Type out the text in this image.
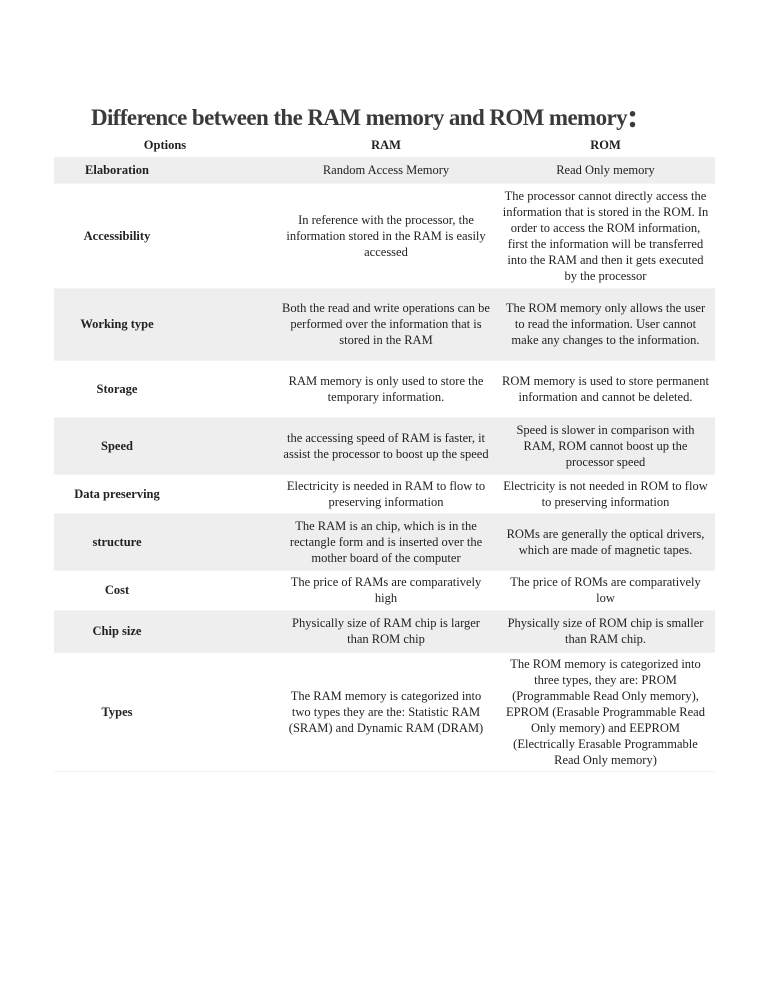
Difference between the RAM memory and ROM memory:
Options	RAM	ROM
Elaboration	Random Access Memory	Read Only memory
Accessibility	In reference with the processor, the information stored in the RAM is easily accessed	The processor cannot directly access the information that is stored in the ROM. In order to access the ROM information, first the information will be transferred into the RAM and then it gets executed by the processor
Working type	Both the read and write operations can be performed over the information that is stored in the RAM	The ROM memory only allows the user to read the information. User cannot make any changes to the information.
Storage	RAM memory is only used to store the temporary information.	ROM memory is used to store permanent information and cannot be deleted.
Speed	the accessing speed of RAM is faster, it assist the processor to boost up the speed	Speed is slower in comparison with RAM, ROM cannot boost up the processor speed
Data preserving	Electricity is needed in RAM to flow to preserving information	Electricity is not needed in ROM to flow to preserving information
structure	The RAM is an chip, which is in the rectangle form and is inserted over the mother board of the computer	ROMs are generally the optical drivers, which are made of magnetic tapes.
Cost	The price of RAMs are comparatively high	The price of ROMs are comparatively low
Chip size	Physically size of RAM chip is larger than ROM chip	Physically size of ROM chip is smaller than RAM chip.
Types	The RAM memory is categorized into two types they are the: Statistic RAM (SRAM) and Dynamic RAM (DRAM)	The ROM memory is categorized into three types, they are: PROM (Programmable Read Only memory), EPROM (Erasable Programmable Read Only memory) and EEPROM (Electrically Erasable Programmable Read Only memory)
